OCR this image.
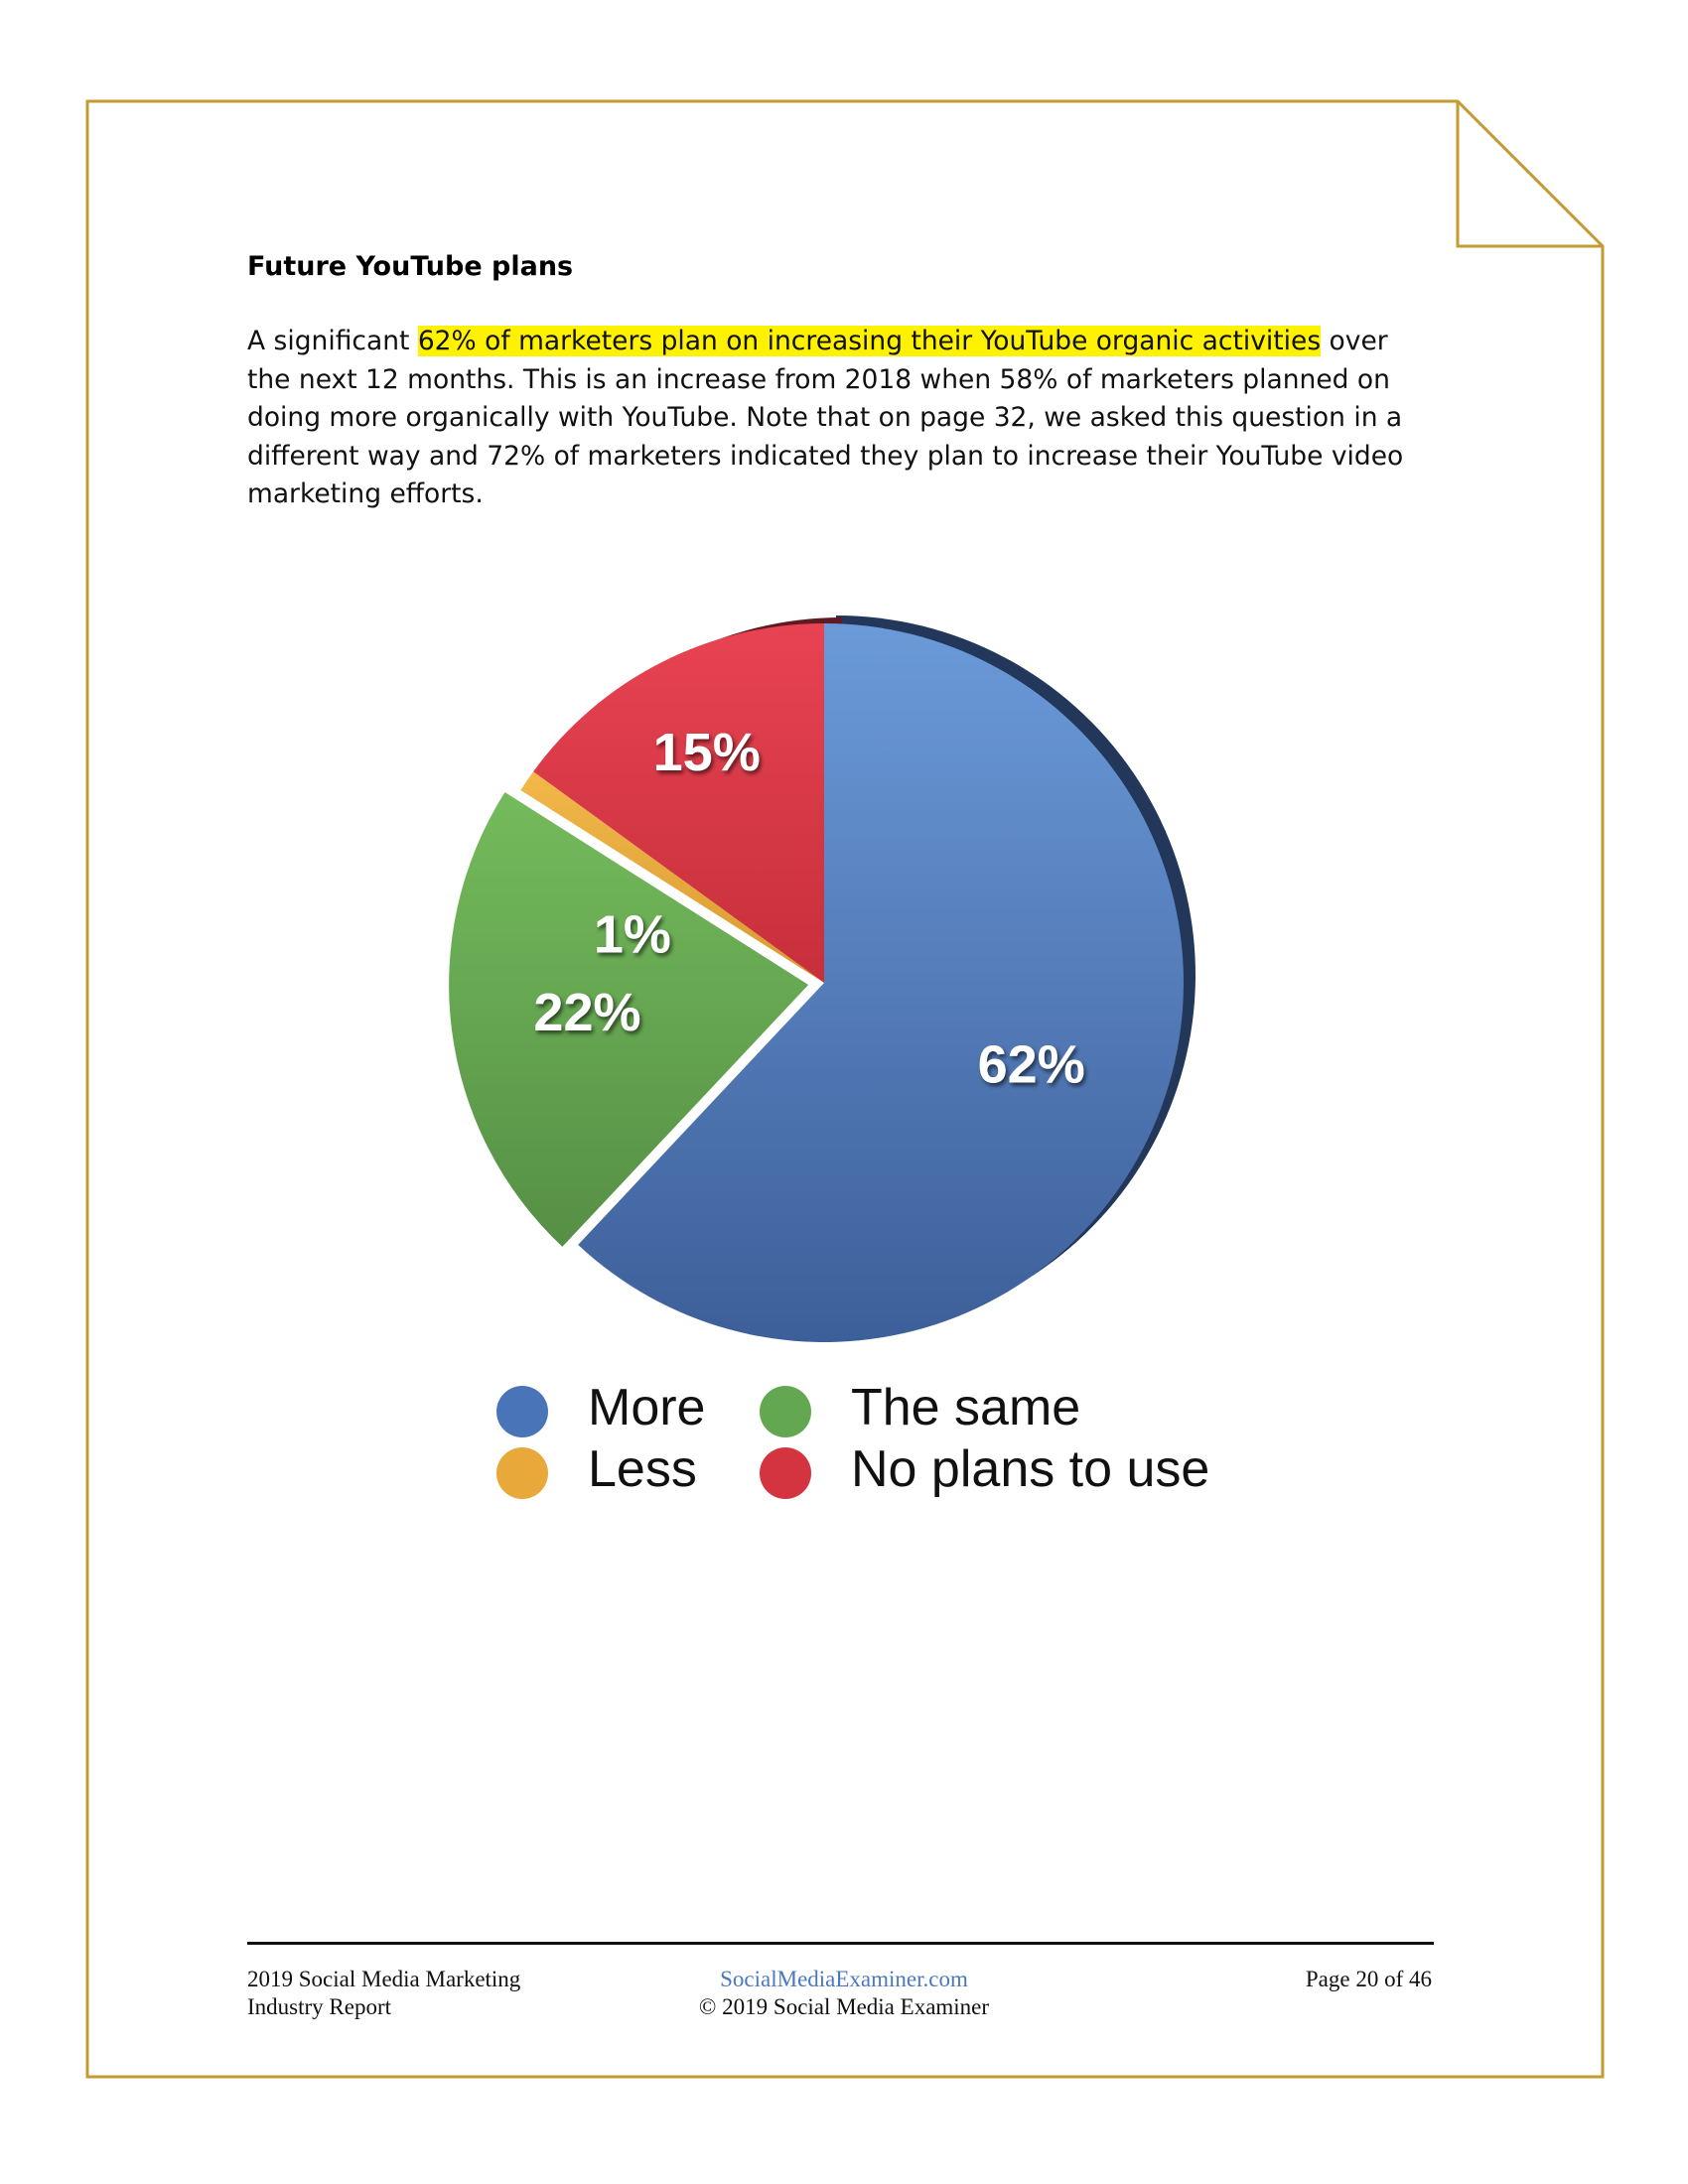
Future YouTube plans

A significant 62% of marketers plan on increasing their YouTube organic activities over the next 12 months. This is an increase from 2018 when 58% of marketers planned on doing more organically with YouTube. Note that on page 32, we asked this question in a different way and 72% of marketers indicated they plan to increase their YouTube video marketing efforts.

62%
22%
1%
15%
More	The same
Less	No plans to use
2019 Social Media Marketing
Industry Report
SocialMediaExaminer.com
© 2019 Social Media Examiner
Page 20 of 46
